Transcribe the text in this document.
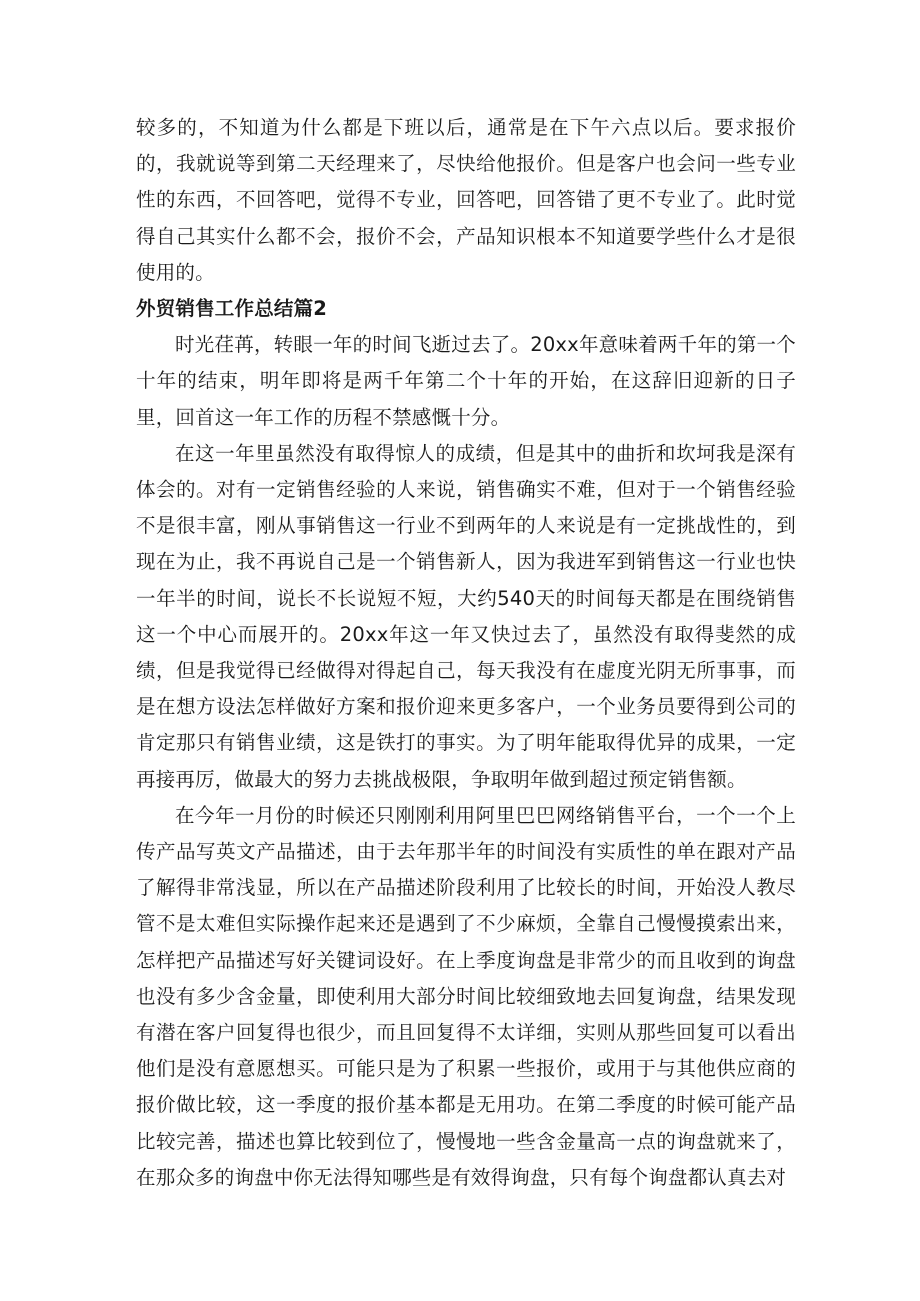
较多的，不知道为什么都是下班以后，通常是在下午六点以后。要求报价的，我就说等到第二天经理来了，尽快给他报价。但是客户也会问一些专业性的东西，不回答吧，觉得不专业，回答吧，回答错了更不专业了。此时觉得自己其实什么都不会，报价不会，产品知识根本不知道要学些什么才是很使用的。

外贸销售工作总结篇2

时光荏苒，转眼一年的时间飞逝过去了。20xx年意味着两千年的第一个十年的结束，明年即将是两千年第二个十年的开始，在这辞旧迎新的日子里，回首这一年工作的历程不禁感慨十分。

在这一年里虽然没有取得惊人的成绩，但是其中的曲折和坎坷我是深有体会的。对有一定销售经验的人来说，销售确实不难，但对于一个销售经验不是很丰富，刚从事销售这一行业不到两年的人来说是有一定挑战性的，到现在为止，我不再说自己是一个销售新人，因为我进军到销售这一行业也快一年半的时间，说长不长说短不短，大约540天的时间每天都是在围绕销售这一个中心而展开的。20xx年这一年又快过去了，虽然没有取得斐然的成绩，但是我觉得已经做得对得起自己，每天我没有在虚度光阴无所事事，而是在想方设法怎样做好方案和报价迎来更多客户，一个业务员要得到公司的肯定那只有销售业绩，这是铁打的事实。为了明年能取得优异的成果，一定再接再厉，做最大的努力去挑战极限，争取明年做到超过预定销售额。

在今年一月份的时候还只刚刚利用阿里巴巴网络销售平台，一个一个上传产品写英文产品描述，由于去年那半年的时间没有实质性的单在跟对产品了解得非常浅显，所以在产品描述阶段利用了比较长的时间，开始没人教尽管不是太难但实际操作起来还是遇到了不少麻烦，全靠自己慢慢摸索出来，怎样把产品描述写好关键词设好。在上季度询盘是非常少的而且收到的询盘也没有多少含金量，即使利用大部分时间比较细致地去回复询盘，结果发现有潜在客户回复得也很少，而且回复得不太详细，实则从那些回复可以看出他们是没有意愿想买。可能只是为了积累一些报价，或用于与其他供应商的报价做比较，这一季度的报价基本都是无用功。在第二季度的时候可能产品比较完善，描述也算比较到位了，慢慢地一些含金量高一点的询盘就来了，在那众多的询盘中你无法得知哪些是有效得询盘，只有每个询盘都认真去对
